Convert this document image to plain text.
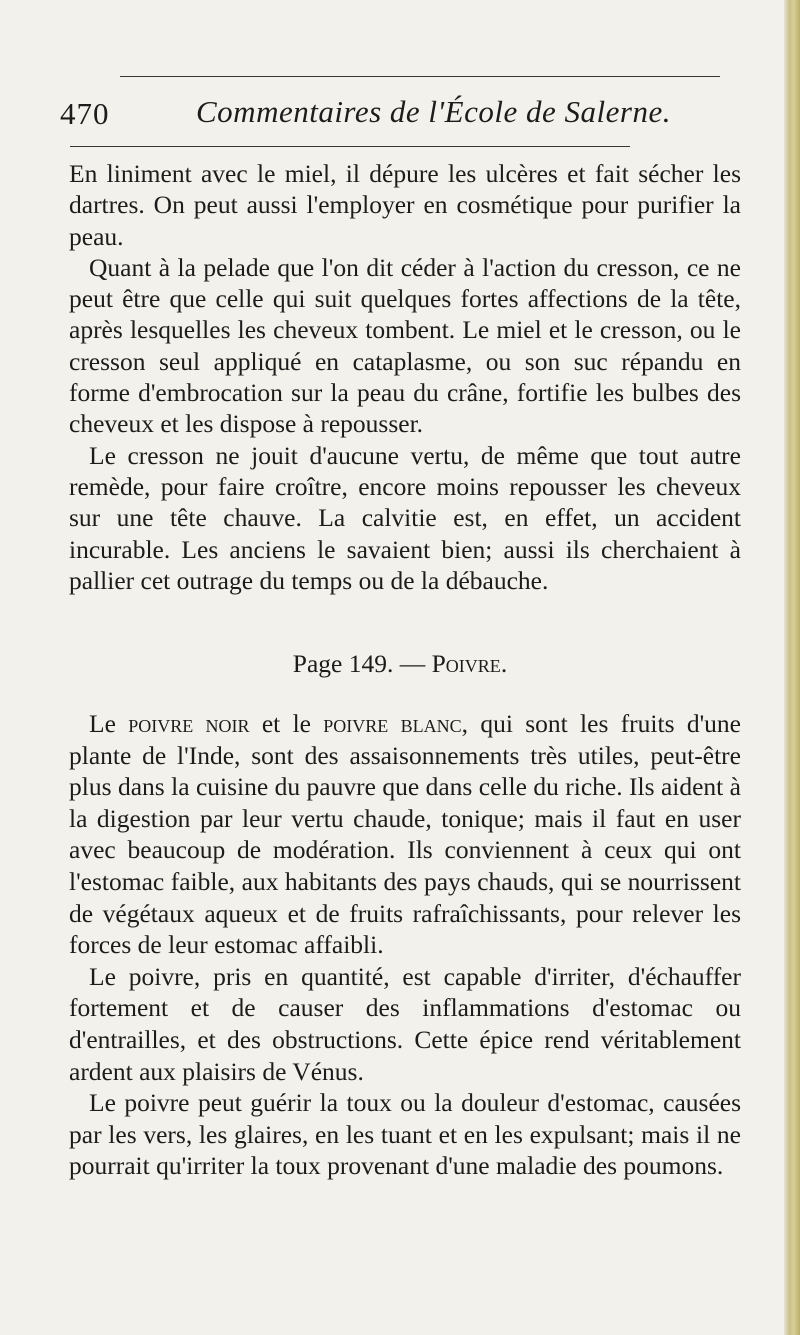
470	Commentaires de l'École de Salerne.

En liniment avec le miel, il dépure les ulcères et fait sécher les dartres. On peut aussi l'employer en cosmétique pour purifier la peau.

Quant à la pelade que l'on dit céder à l'action du cresson, ce ne peut être que celle qui suit quelques fortes affections de la tête, après lesquelles les cheveux tombent. Le miel et le cresson, ou le cresson seul appliqué en cataplasme, ou son suc répandu en forme d'embrocation sur la peau du crâne, fortifie les bulbes des cheveux et les dispose à repousser.

Le cresson ne jouit d'aucune vertu, de même que tout autre remède, pour faire croître, encore moins repousser les cheveux sur une tête chauve. La calvitie est, en effet, un accident incurable. Les anciens le savaient bien; aussi ils cherchaient à pallier cet outrage du temps ou de la débauche.

Page 149. — Poivre.

Le poivre noir et le poivre blanc, qui sont les fruits d'une plante de l'Inde, sont des assaisonnements très utiles, peut-être plus dans la cuisine du pauvre que dans celle du riche. Ils aident à la digestion par leur vertu chaude, tonique; mais il faut en user avec beaucoup de modération. Ils conviennent à ceux qui ont l'estomac faible, aux habitants des pays chauds, qui se nourrissent de végétaux aqueux et de fruits rafraîchissants, pour relever les forces de leur estomac affaibli.

Le poivre, pris en quantité, est capable d'irriter, d'échauffer fortement et de causer des inflammations d'estomac ou d'entrailles, et des obstructions. Cette épice rend véritablement ardent aux plaisirs de Vénus.

Le poivre peut guérir la toux ou la douleur d'estomac, causées par les vers, les glaires, en les tuant et en les expulsant; mais il ne pourrait qu'irriter la toux provenant d'une maladie des poumons.
